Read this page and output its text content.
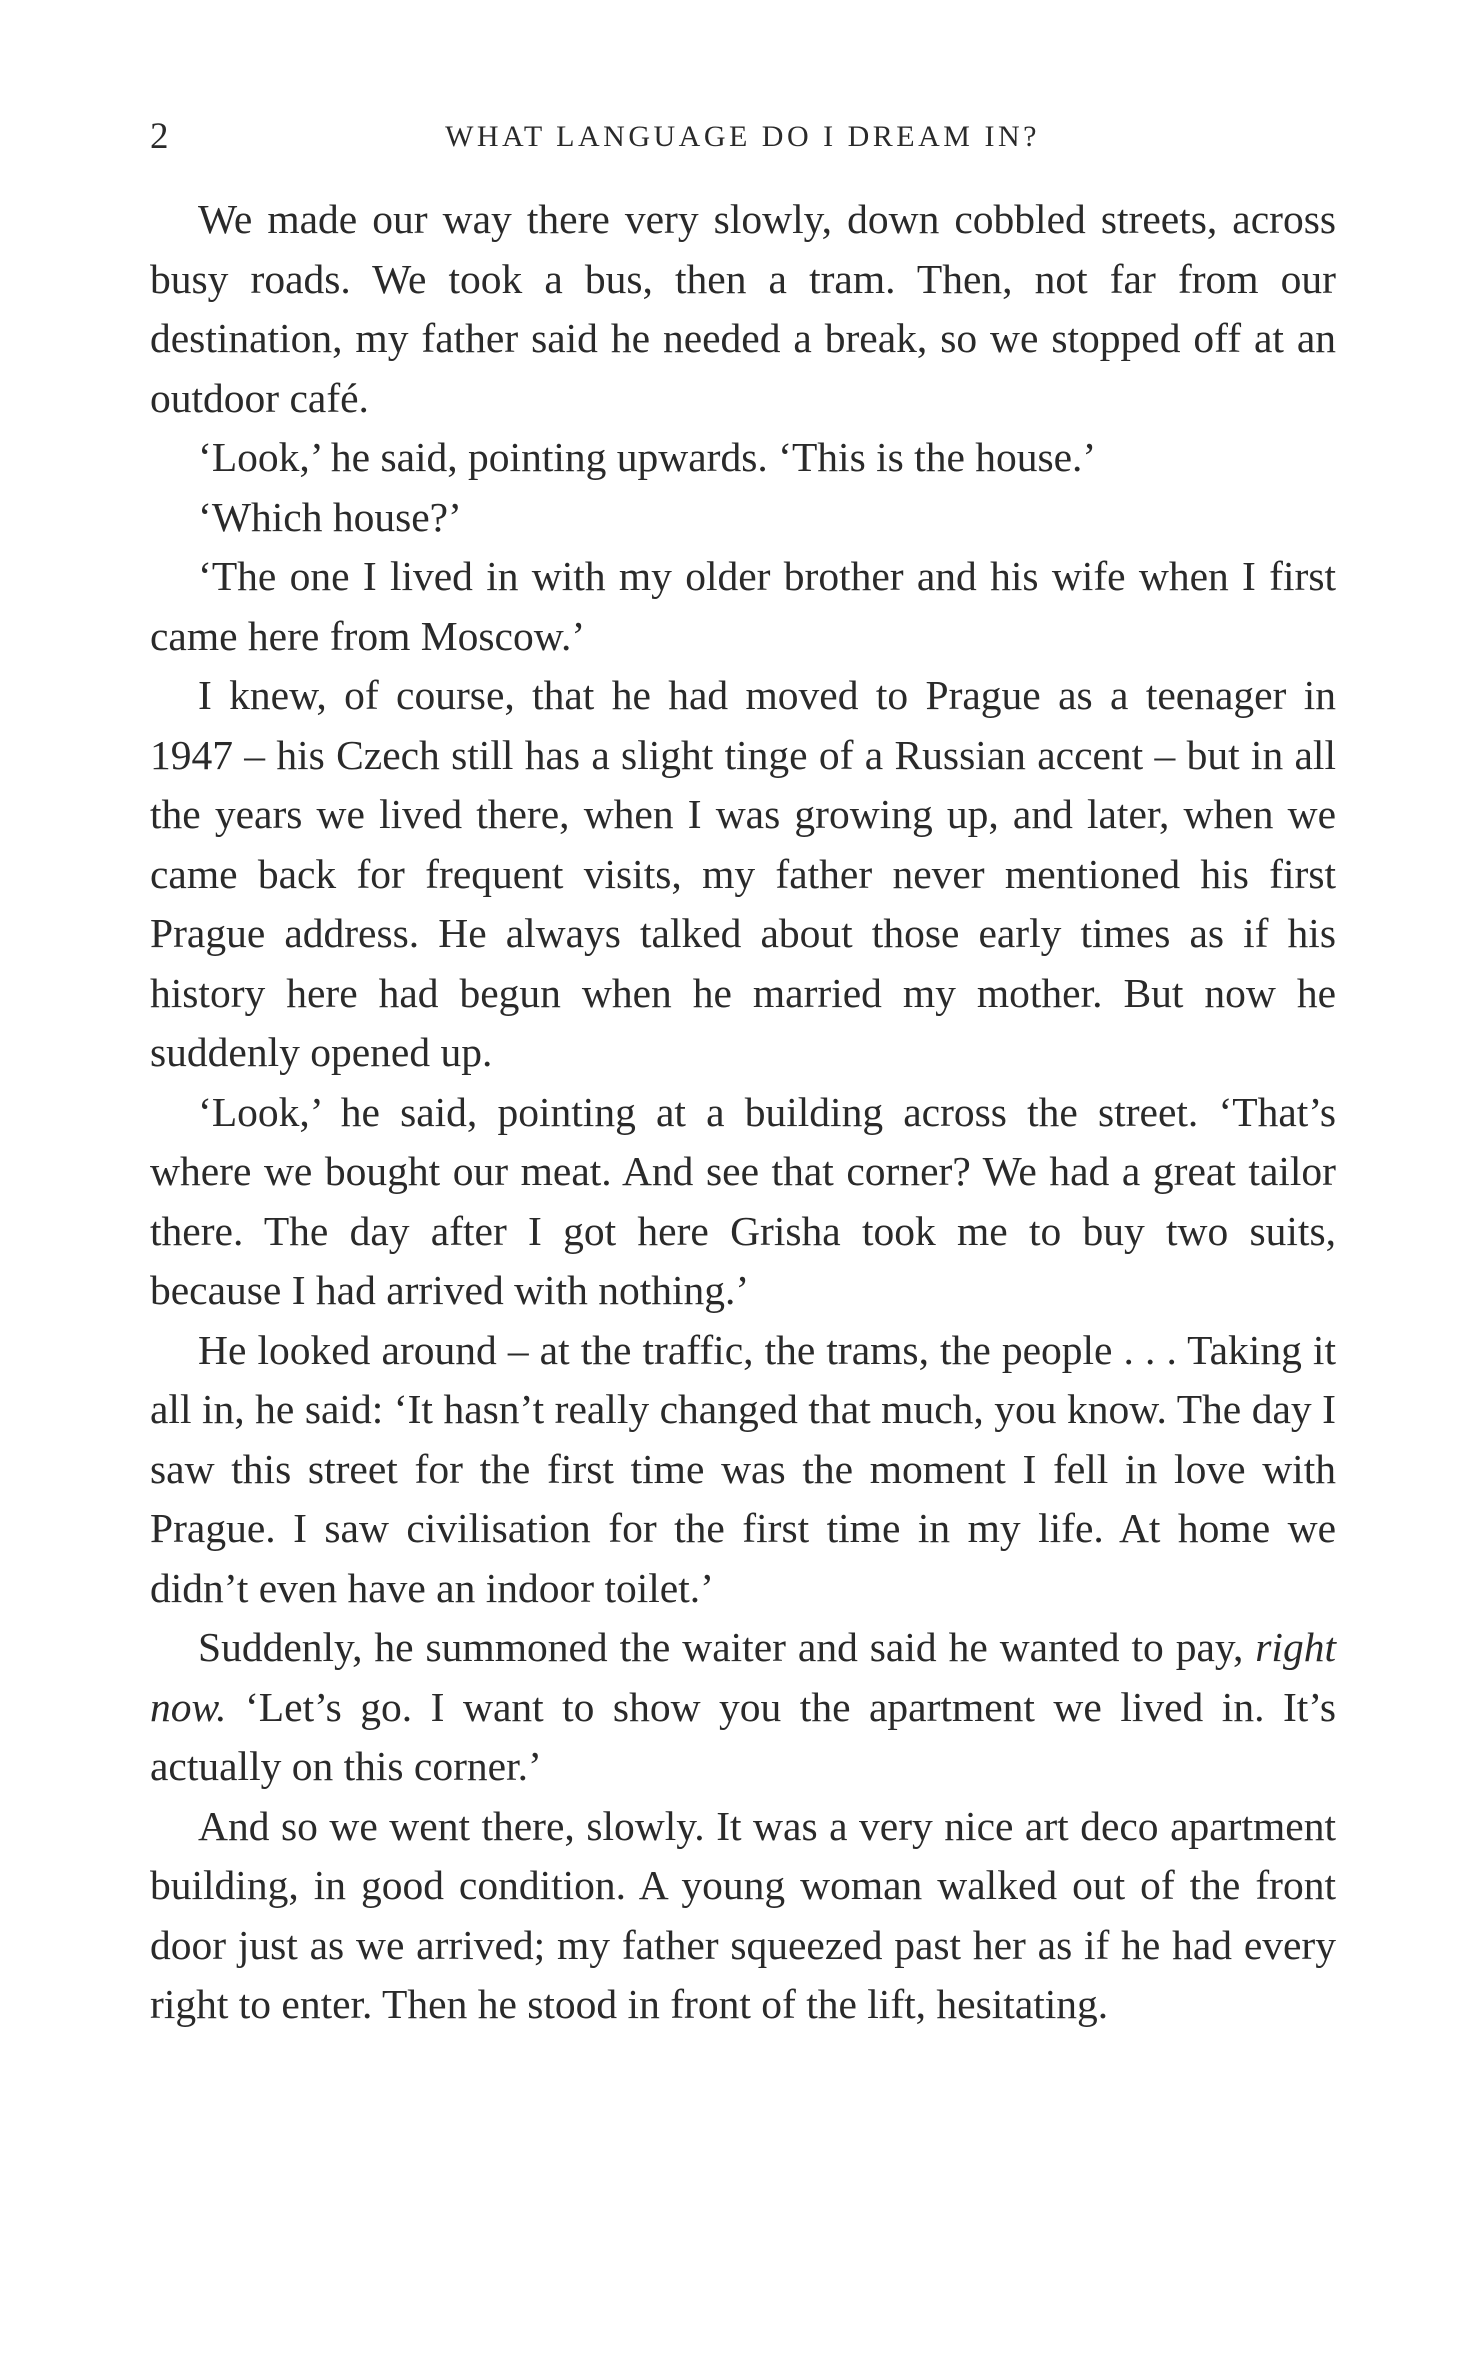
2	WHAT LANGUAGE DO I DREAM IN?

We made our way there very slowly, down cobbled streets, across busy roads. We took a bus, then a tram. Then, not far from our destination, my father said he needed a break, so we stopped off at an outdoor café.

‘Look,’ he said, pointing upwards. ‘This is the house.’

‘Which house?’

‘The one I lived in with my older brother and his wife when I first came here from Moscow.’

I knew, of course, that he had moved to Prague as a teenager in 1947 – his Czech still has a slight tinge of a Russian accent – but in all the years we lived there, when I was growing up, and later, when we came back for frequent visits, my father never mentioned his first Prague address. He always talked about those early times as if his history here had begun when he married my mother. But now he suddenly opened up.

‘Look,’ he said, pointing at a building across the street. ‘That’s where we bought our meat. And see that corner? We had a great tailor there. The day after I got here Grisha took me to buy two suits, because I had arrived with nothing.’

He looked around – at the traffic, the trams, the people . . . Taking it all in, he said: ‘It hasn’t really changed that much, you know. The day I saw this street for the first time was the moment I fell in love with Prague. I saw civilisation for the first time in my life. At home we didn’t even have an indoor toilet.’

Suddenly, he summoned the waiter and said he wanted to pay, right now. ‘Let’s go. I want to show you the apartment we lived in. It’s actually on this corner.’

And so we went there, slowly. It was a very nice art deco apartment building, in good condition. A young woman walked out of the front door just as we arrived; my father squeezed past her as if he had every right to enter. Then he stood in front of the lift, hesitating.
